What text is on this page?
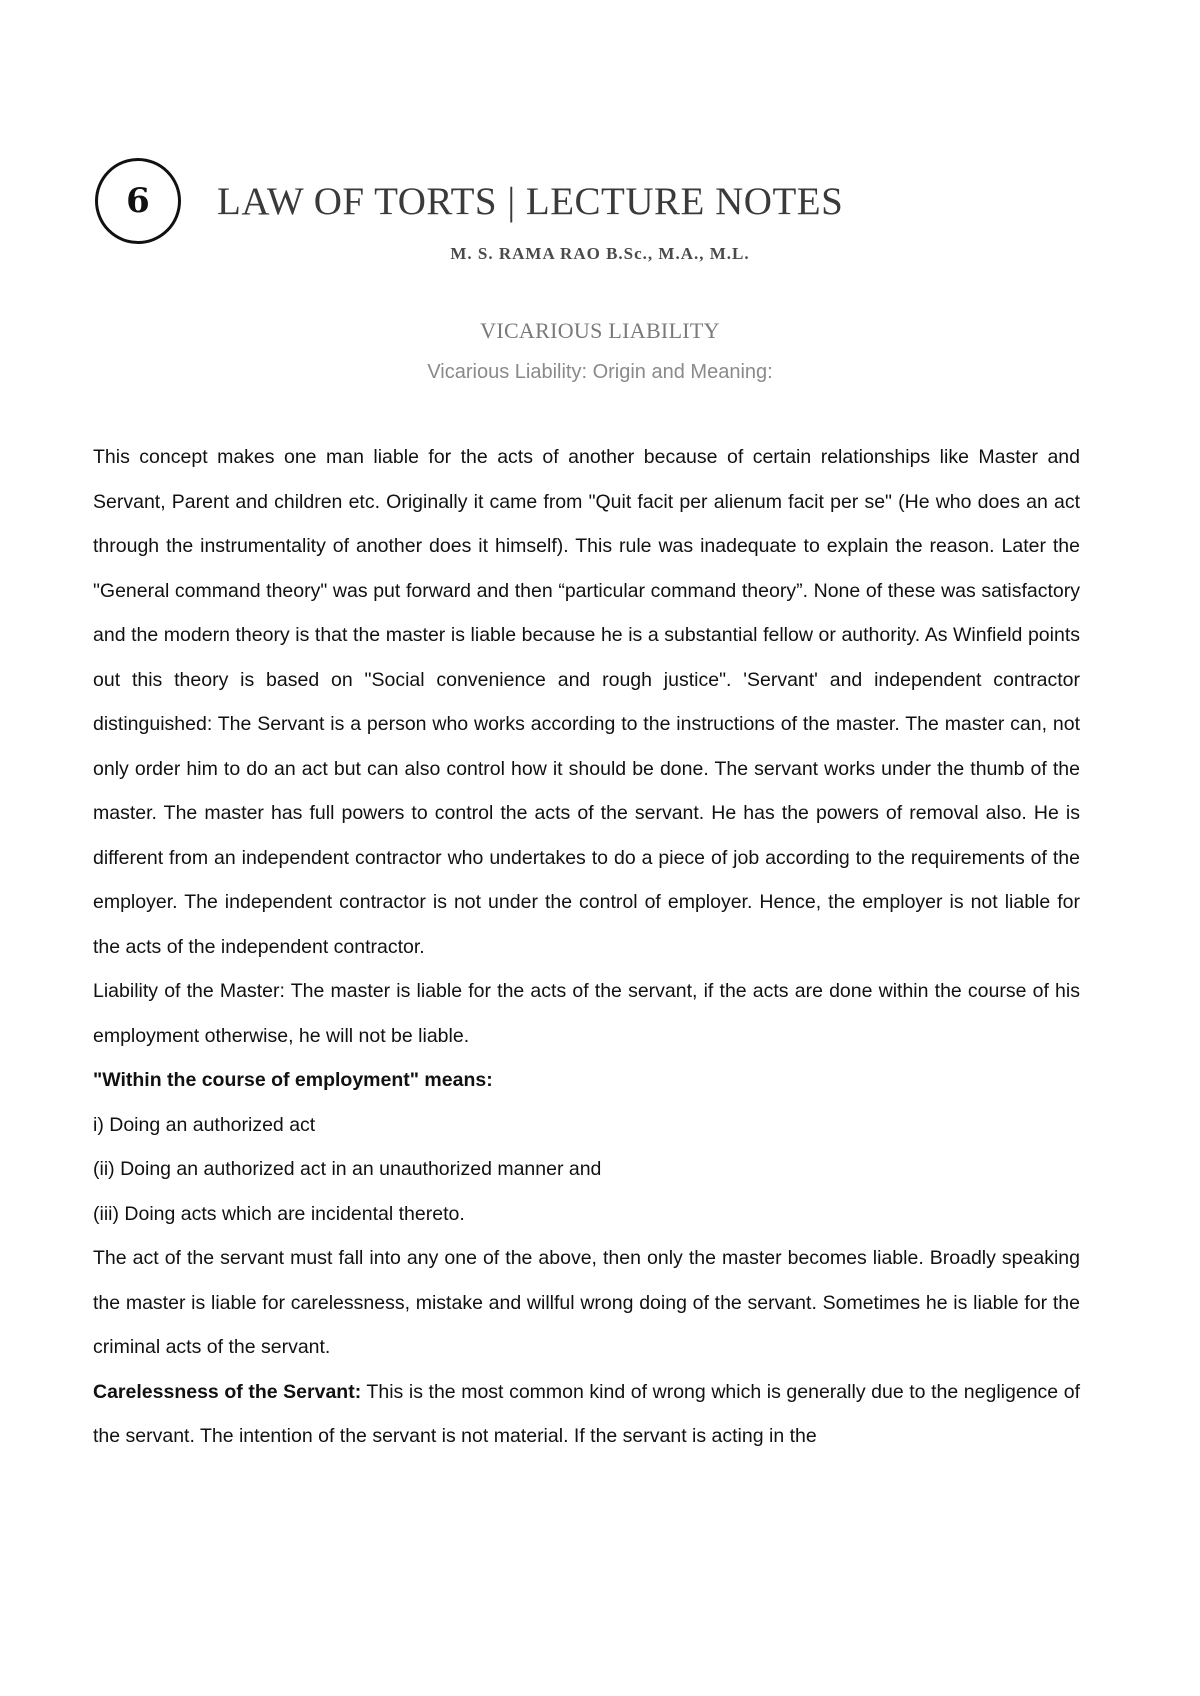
6	LAW OF TORTS | LECTURE NOTES
M. S. RAMA RAO B.Sc., M.A., M.L.
VICARIOUS LIABILITY
Vicarious Liability: Origin and Meaning:

This concept makes one man liable for the acts of another because of certain relationships like Master and Servant, Parent and children etc. Originally it came from "Quit facit per alienum facit per se" (He who does an act through the instrumentality of another does it himself). This rule was inadequate to explain the reason. Later the "General command theory" was put forward and then “particular command theory”. None of these was satisfactory and the modern theory is that the master is liable because he is a substantial fellow or authority. As Winfield points out this theory is based on "Social convenience and rough justice". 'Servant' and independent contractor distinguished: The Servant is a person who works according to the instructions of the master. The master can, not only order him to do an act but can also control how it should be done. The servant works under the thumb of the master. The master has full powers to control the acts of the servant. He has the powers of removal also. He is different from an independent contractor who undertakes to do a piece of job according to the requirements of the employer. The independent contractor is not under the control of employer. Hence, the employer is not liable for the acts of the independent contractor.

Liability of the Master: The master is liable for the acts of the servant, if the acts are done within the course of his employment otherwise, he will not be liable.

"Within the course of employment" means:

i) Doing an authorized act

(ii) Doing an authorized act in an unauthorized manner and

(iii) Doing acts which are incidental thereto.

The act of the servant must fall into any one of the above, then only the master becomes liable. Broadly speaking the master is liable for carelessness, mistake and willful wrong doing of the servant. Sometimes he is liable for the criminal acts of the servant.

Carelessness of the Servant: This is the most common kind of wrong which is generally due to the negligence of the servant. The intention of the servant is not material. If the servant is acting in the
